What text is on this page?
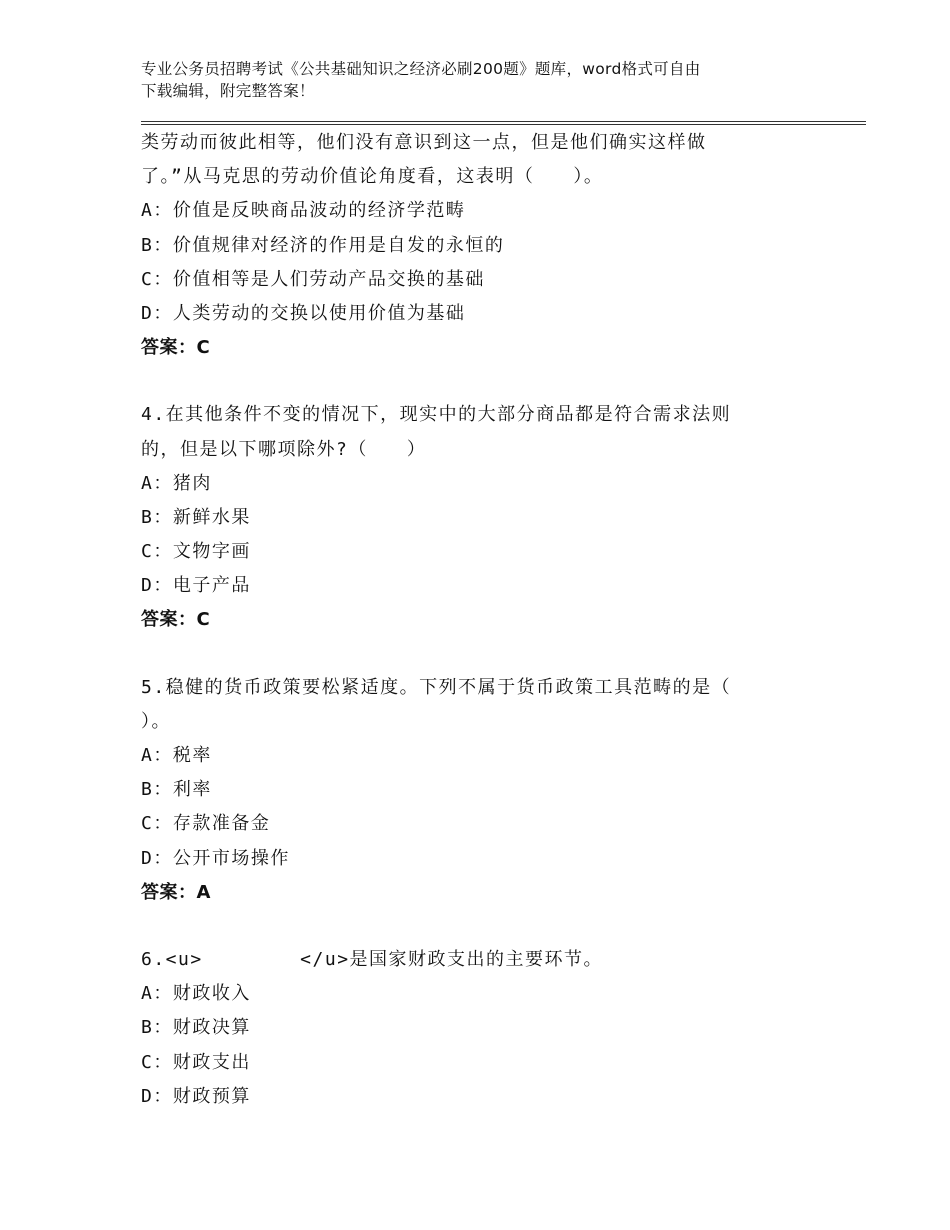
专业公务员招聘考试《公共基础知识之经济必刷200题》题库，word格式可自由
下载编辑，附完整答案！
类劳动而彼此相等，他们没有意识到这一点，但是他们确实这样做
了。”从马克思的劳动价值论角度看，这表明（　　）。
A：价值是反映商品波动的经济学范畴
B：价值规律对经济的作用是自发的永恒的
C：价值相等是人们劳动产品交换的基础
D：人类劳动的交换以使用价值为基础
答案：C
4.在其他条件不变的情况下，现实中的大部分商品都是符合需求法则
的，但是以下哪项除外?（　　）
A：猪肉
B：新鲜水果
C：文物字画
D：电子产品
答案：C
5.稳健的货币政策要松紧适度。下列不属于货币政策工具范畴的是（
）。
A：税率
B：利率
C：存款准备金
D：公开市场操作
答案：A
6.<u>　　　　　</u>是国家财政支出的主要环节。
A：财政收入
B：财政决算
C：财政支出
D：财政预算
